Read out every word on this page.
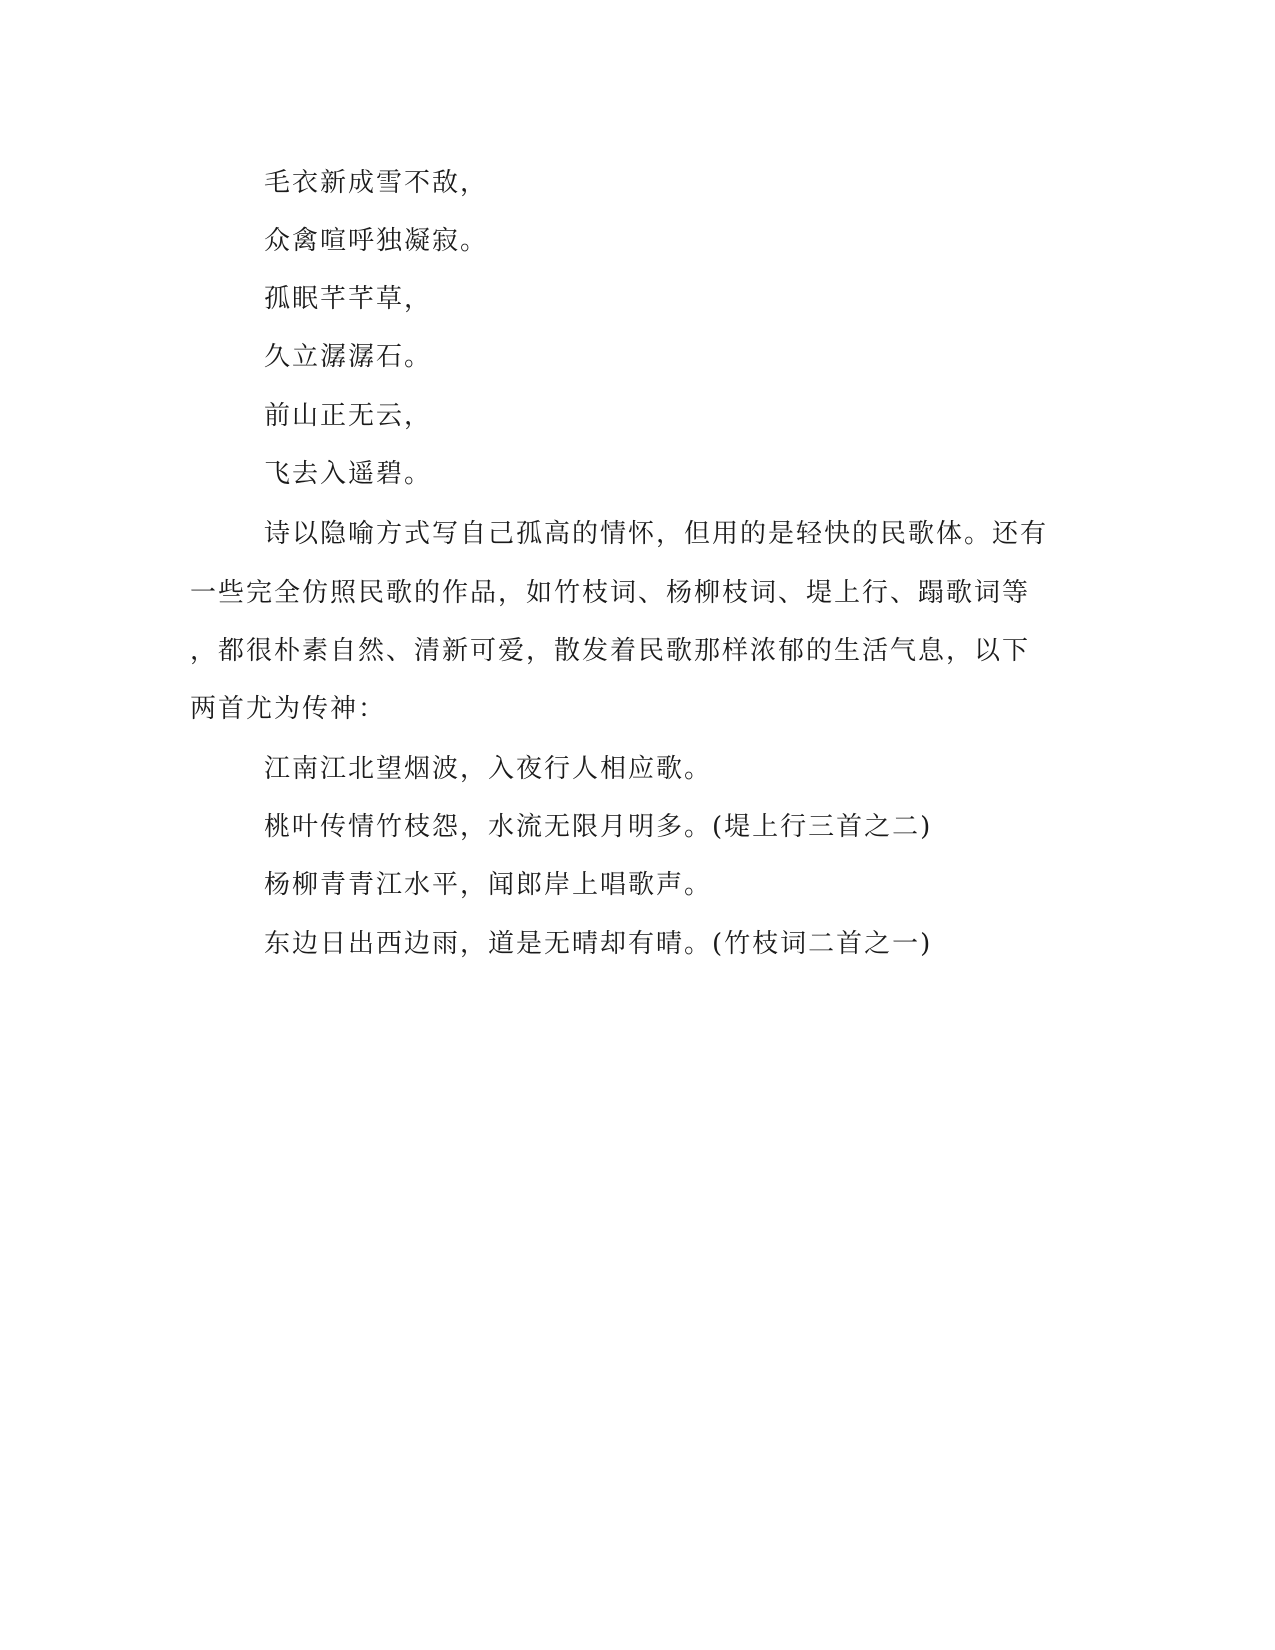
毛衣新成雪不敌，
众禽喧呼独凝寂。
孤眠芊芊草，
久立潺潺石。
前山正无云，
飞去入遥碧。
诗以隐喻方式写自己孤高的情怀，但用的是轻快的民歌体。还有
一些完全仿照民歌的作品，如竹枝词、杨柳枝词、堤上行、蹋歌词等
，都很朴素自然、清新可爱，散发着民歌那样浓郁的生活气息，以下
两首尤为传神：
江南江北望烟波，入夜行人相应歌。
桃叶传情竹枝怨，水流无限月明多。(堤上行三首之二)
杨柳青青江水平，闻郎岸上唱歌声。
东边日出西边雨，道是无晴却有晴。(竹枝词二首之一)
